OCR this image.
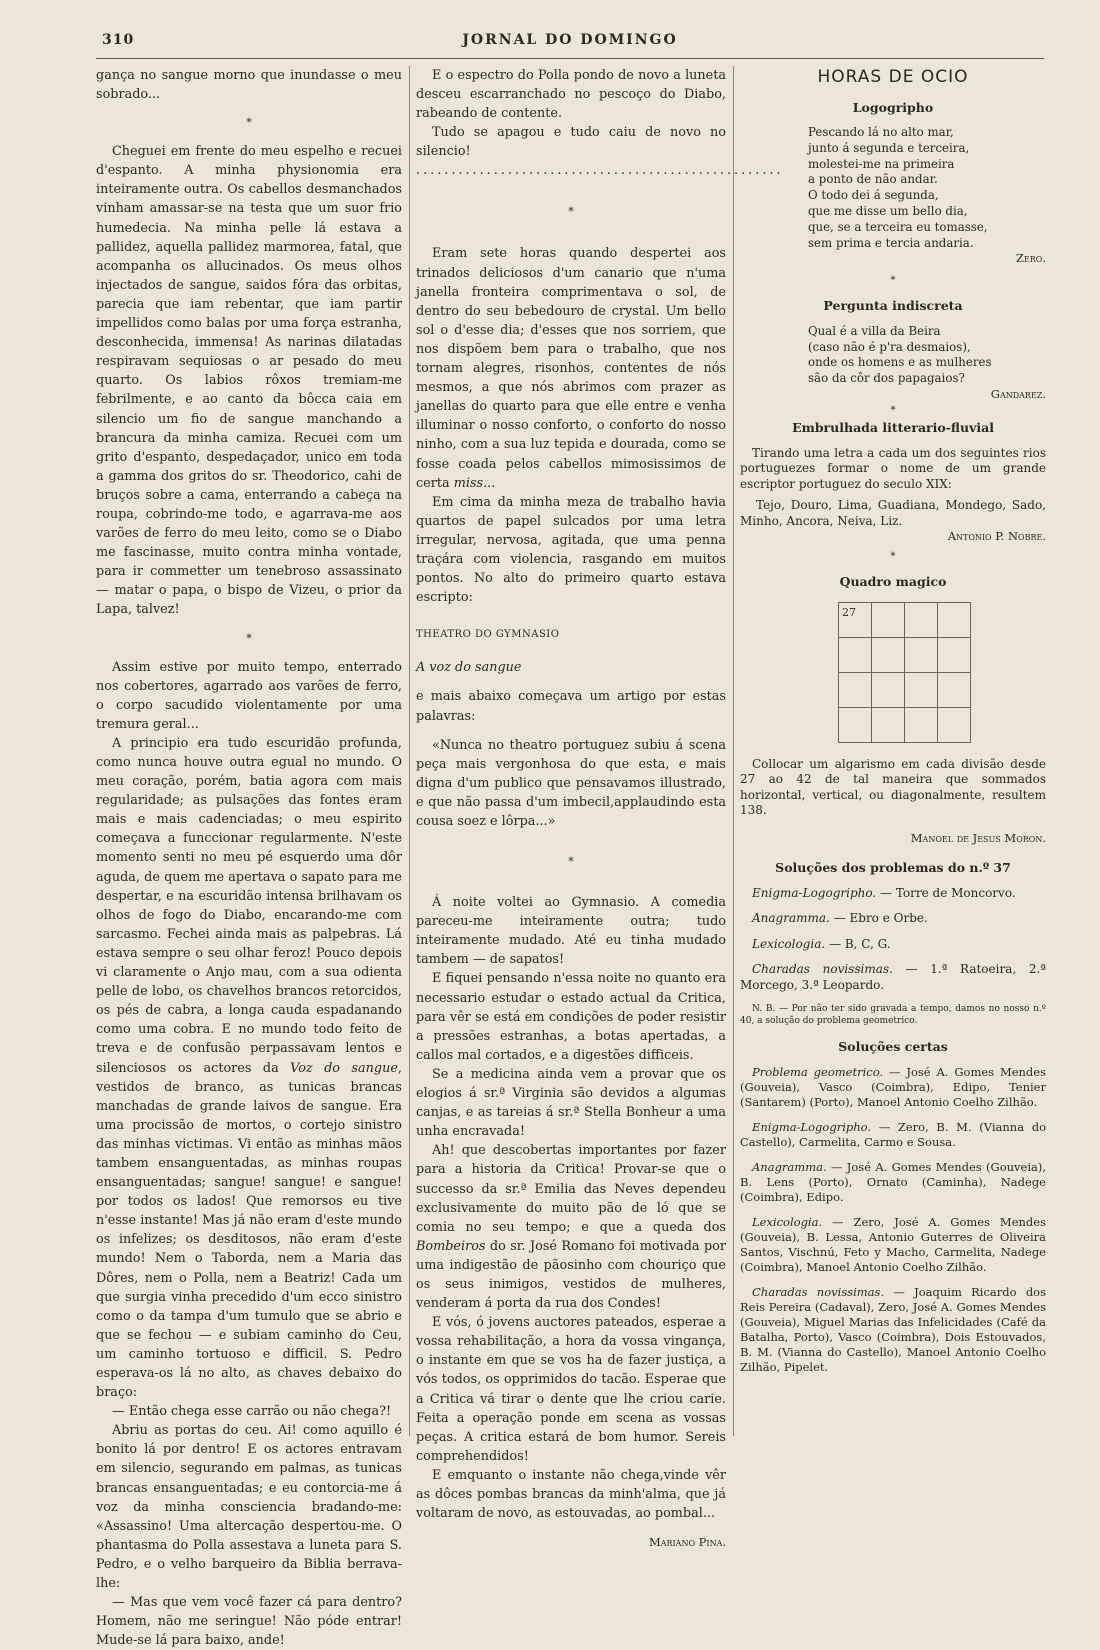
310	JORNAL DO DOMINGO

gança no sangue morno que inundasse o meu sobrado...

*

Cheguei em frente do meu espelho e recuei d'espanto. A minha physionomia era inteiramente outra. Os cabellos desmanchados vinham amassar-se na testa que um suor frio humedecia. Na minha pelle lá estava a pallidez, aquella pallidez marmorea, fatal, que acompanha os allucinados. Os meus olhos injectados de sangue, saidos fóra das orbitas, parecia que iam rebentar, que iam partir impellidos como balas por uma força estranha, desconhecida, immensa! As narinas dilatadas respiravam sequiosas o ar pesado do meu quarto. Os labios rôxos tremiam-me febrilmente, e ao canto da bôcca caia em silencio um fio de sangue manchando a brancura da minha camiza. Recuei com um grito d'espanto, despedaçador, unico em toda a gamma dos gritos do sr. Theodorico, cahi de bruços sobre a cama, enterrando a cabeça na roupa, cobrindo-me todo, e agarrava-me aos varões de ferro do meu leito, como se o Diabo me fascinasse, muito contra minha vontade, para ir commetter um tenebroso assassinato — matar o papa, o bispo de Vizeu, o prior da Lapa, talvez!

*

Assim estive por muito tempo, enterrado nos cobertores, agarrado aos varões de ferro, o corpo sacudido violentamente por uma tremura geral...

A principio era tudo escuridão profunda, como nunca houve outra egual no mundo. O meu coração, porém, batia agora com mais regularidade; as pulsações das fontes eram mais e mais cadenciadas; o meu espirito começava a funccionar regularmente. N'este momento senti no meu pé esquerdo uma dôr aguda, de quem me apertava o sapato para me despertar, e na escuridão intensa brilhavam os olhos de fogo do Diabo, encarando-me com sarcasmo. Fechei ainda mais as palpebras. Lá estava sempre o seu olhar feroz! Pouco depois vi claramente o Anjo mau, com a sua odienta pelle de lobo, os chavelhos brancos retorcidos, os pés de cabra, a longa cauda espadanando como uma cobra. E no mundo todo feito de treva e de confusão perpassavam lentos e silenciosos os actores da Voz do sangue, vestidos de branco, as tunicas brancas manchadas de grande laivos de sangue. Era uma procissão de mortos, o cortejo sinistro das minhas victimas. Vi então as minhas mãos tambem ensanguentadas, as minhas roupas ensanguentadas; sangue! sangue! e sangue! por todos os lados! Que remorsos eu tive n'esse instante! Mas já não eram d'este mundo os infelizes; os desditosos, não eram d'este mundo! Nem o Taborda, nem a Maria das Dôres, nem o Polla, nem a Beatriz! Cada um que surgia vinha precedido d'um ecco sinistro como o da tampa d'um tumulo que se abrio e que se fechou — e subiam caminho do Ceu, um caminho tortuoso e difficil. S. Pedro esperava-os lá no alto, as chaves debaixo do braço:

— Então chega esse carrão ou não chega?!

Abriu as portas do ceu. Ai! como aquillo é bonito lá por dentro! E os actores entravam em silencio, segurando em palmas, as tunicas brancas ensanguentadas; e eu contorcia-me á voz da minha consciencia bradando-me: «Assassino! Uma altercação despertou-me. O phantasma do Polla assestava a luneta para S. Pedro, e o velho barqueiro da Biblia berrava-lhe:

— Mas que vem você fazer cá para dentro? Homem, não me seringue! Não póde entrar! Mude-se lá para baixo, ande!

E o espectro do Polla pondo de novo a luneta desceu escarranchado no pescoço do Diabo, rabeando de contente.

Tudo se apagou e tudo caiu de novo no silencio!

....................................................
*

Eram sete horas quando despertei aos trinados deliciosos d'um canario que n'uma janella fronteira comprimentava o sol, de dentro do seu bebedouro de crystal. Um bello sol o d'esse dia; d'esses que nos sorriem, que nos dispõem bem para o trabalho, que nos tornam alegres, risonhos, contentes de nós mesmos, a que nós abrimos com prazer as janellas do quarto para que elle entre e venha illuminar o nosso conforto, o conforto do nosso ninho, com a sua luz tepida e dourada, como se fosse coada pelos cabellos mimosissimos de certa miss...

Em cima da minha meza de trabalho havia quartos de papel sulcados por uma letra irregular, nervosa, agitada, que uma penna traçára com violencia, rasgando em muitos pontos. No alto do primeiro quarto estava escripto:

THEATRO DO GYMNASIO

A voz do sangue

e mais abaixo começava um artigo por estas palavras:

«Nunca no theatro portuguez subiu á scena peça mais vergonhosa do que esta, e mais digna d'um publico que pensavamos illustrado, e que não passa d'um imbecil,applaudindo esta cousa soez e lôrpa...»

*

Á noite voltei ao Gymnasio. A comedia pareceu-me inteiramente outra; tudo inteiramente mudado. Até eu tinha mudado tambem — de sapatos!

E fiquei pensando n'essa noite no quanto era necessario estudar o estado actual da Critica, para vêr se está em condições de poder resistir a pressões estranhas, a botas apertadas, a callos mal cortados, e a digestões difficeis.

Se a medicina ainda vem a provar que os elogios á sr.ª Virginia são devidos a algumas canjas, e as tareias á sr.ª Stella Bonheur a uma unha encravada!

Ah! que descobertas importantes por fazer para a historia da Critica! Provar-se que o successo da sr.ª Emilia das Neves dependeu exclusivamente do muito pão de ló que se comia no seu tempo; e que a queda dos Bombeiros do sr. José Romano foi motivada por uma indigestão de pãosinho com chouriço que os seus inimigos, vestidos de mulheres, venderam á porta da rua dos Condes!

E vós, ó jovens auctores pateados, esperae a vossa rehabilitação, a hora da vossa vingança, o instante em que se vos ha de fazer justiça, a vós todos, os opprimidos do tacão. Esperae que a Critica vá tirar o dente que lhe criou carie. Feita a operação ponde em scena as vossas peças. A critica estará de bom humor. Sereis comprehendidos!

E emquanto o instante não chega,vinde vêr as dôces pombas brancas da minh'alma, que já voltaram de novo, as estouvadas, ao pombal...

Mariano Pina.
HORAS DE OCIO
Logogripho
Pescando lá no alto mar,
junto á segunda e terceira,
molestei-me na primeira
a ponto de não andar.
O todo dei á segunda,
que me disse um bello dia,
que, se a terceira eu tomasse,
sem prima e tercia andaria.
Zero.
*
Pergunta indiscreta
Qual é a villa da Beira
(caso não é p'ra desmaios),
onde os homens e as mulheres
são da côr dos papagaios?
Gandarez.
*
Embrulhada litterario-fluvial

Tirando uma letra a cada um dos seguintes rios portuguezes formar o nome de um grande escriptor portuguez do seculo XIX:

Tejo, Douro, Lima, Guadiana, Mondego, Sado, Minho, Ancora, Neiva, Liz.

Antonio P. Nobre.
*
Quadro magico
27			

Collocar um algarismo em cada divisão desde 27 ao 42 de tal maneira que sommados horizontal, vertical, ou diagonalmente, resultem 138.

Manoel de Jesus Moron.
Soluções dos problemas do n.º 37

Enigma-Logogripho. — Torre de Moncorvo.

Anagramma. — Ebro e Orbe.

Lexicologia. — B, C, G.

Charadas novissimas. — 1.ª Ratoeira, 2.ª Morcego, 3.ª Leopardo.

N. B. — Por não ter sido gravada a tempo, damos no nosso n.º 40, a solução do problema geometrico.

Soluções certas

Problema geometrico. — José A. Gomes Mendes (Gouveia), Vasco (Coimbra), Edipo, Tenier (Santarem) (Porto), Manoel Antonio Coelho Zilhão.

Enigma-Logogripho. — Zero, B. M. (Vianna do Castello), Carmelita, Carmo e Sousa.

Anagramma. — José A. Gomes Mendes (Gouveia), B. Lens (Porto), Ornato (Caminha), Nadege (Coimbra), Edipo.

Lexicologia. — Zero, José A. Gomes Mendes (Gouveia), B. Lessa, Antonio Guterres de Oliveira Santos, Vischnú, Feto y Macho, Carmelita, Nadege (Coimbra), Manoel Antonio Coelho Zilhão.

Charadas novissimas. — Joaquim Ricardo dos Reis Pereira (Cadaval), Zero, José A. Gomes Mendes (Gouveia), Miguel Marias das Infelicidades (Café da Batalha, Porto), Vasco (Coimbra), Dois Estouvados, B. M. (Vianna do Castello), Manoel Antonio Coelho Zilhão, Pipelet.
